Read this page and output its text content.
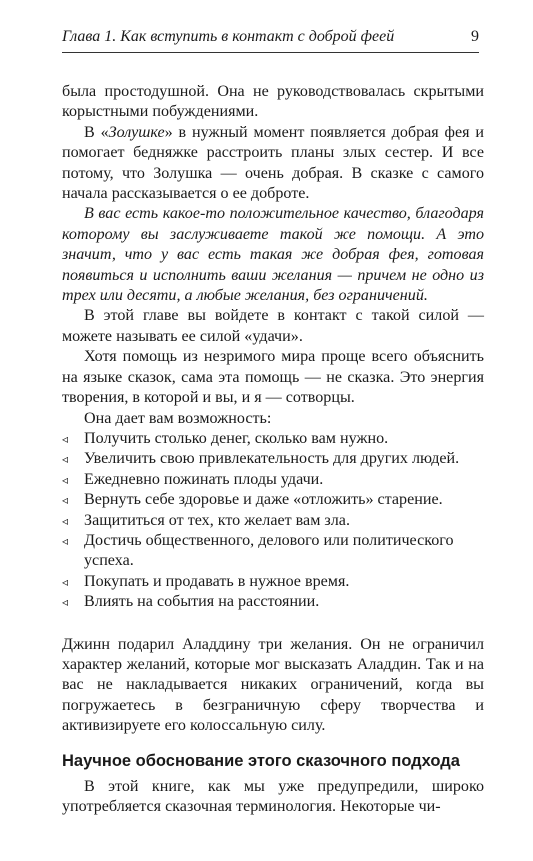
Глава 1. Как вступить в контакт с доброй феей	9

была простодушной. Она не руководствовалась скрытыми корыстными побуждениями.

В «Золушке» в нужный момент появляется добрая фея и помогает бедняжке расстроить планы злых сестер. И все потому, что Золушка — очень добрая. В сказке с самого начала рассказывается о ее доброте.

В вас есть какое-то положительное качество, благодаря которому вы заслуживаете такой же помощи. А это значит, что у вас есть такая же добрая фея, готовая появиться и исполнить ваши желания — причем не одно из трех или десяти, а любые желания, без ограничений.

В этой главе вы войдете в контакт с такой силой — можете называть ее силой «удачи».

Хотя помощь из незримого мира проще всего объяснить на языке сказок, сама эта помощь — не сказка. Это энергия творения, в которой и вы, и я — сотворцы.

Она дает вам возможность:

◃ Получить столько денег, сколько вам нужно.
◃ Увеличить свою привлекательность для других людей.
◃ Ежедневно пожинать плоды удачи.
◃ Вернуть себе здоровье и даже «отложить» старение.
◃ Защититься от тех, кто желает вам зла.
◃ Достичь общественного, делового или политического успеха.
◃ Покупать и продавать в нужное время.
◃ Влиять на события на расстоянии.

Джинн подарил Аладдину три желания. Он не ограничил характер желаний, которые мог высказать Аладдин. Так и на вас не накладывается никаких ограничений, когда вы погружаетесь в безграничную сферу творчества и активизируете его колоссальную силу.

Научное обоснование этого сказочного подхода

В этой книге, как мы уже предупредили, широко употребляется сказочная терминология. Некоторые чи-
